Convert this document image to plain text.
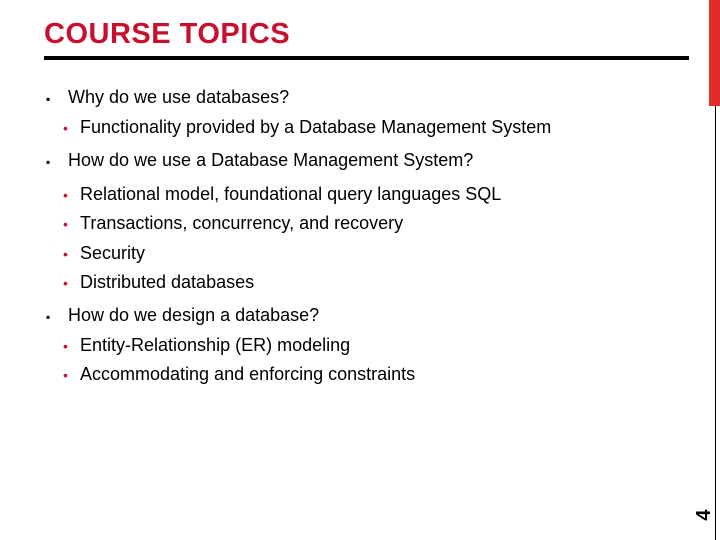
COURSE TOPICS
4
▪ Why do we use databases?
• Functionality provided by a Database Management System
▪ How do we use a Database Management System?
• Relational model, foundational query languages SQL
• Transactions, concurrency, and recovery
• Security
• Distributed databases
▪ How do we design a database?
• Entity-Relationship (ER) modeling
• Accommodating and enforcing constraints
